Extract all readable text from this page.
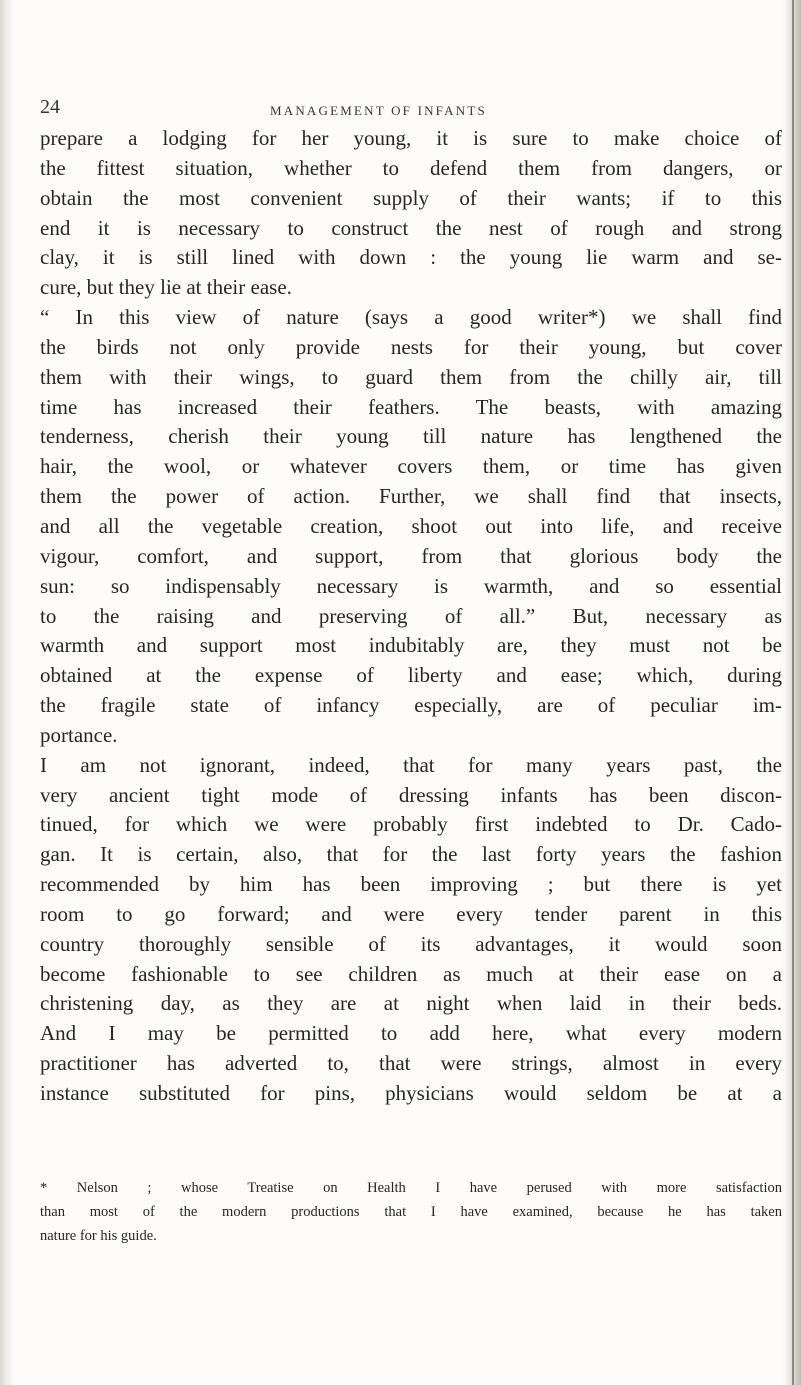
24	MANAGEMENT OF INFANTS
prepare a lodging for her young, it is sure to make choice of
the fittest situation, whether to defend them from dangers, or
obtain the most convenient supply of their wants; if to this
end it is necessary to construct the nest of rough and strong
clay, it is still lined with down : the young lie warm and se-
cure, but they lie at their ease.
“ In this view of nature (says a good writer*) we shall find
the birds not only provide nests for their young, but cover
them with their wings, to guard them from the chilly air, till
time has increased their feathers. The beasts, with amazing
tenderness, cherish their young till nature has lengthened the
hair, the wool, or whatever covers them, or time has given
them the power of action. Further, we shall find that insects,
and all the vegetable creation, shoot out into life, and receive
vigour, comfort, and support, from that glorious body the
sun: so indispensably necessary is warmth, and so essential
to the raising and preserving of all.” But, necessary as
warmth and support most indubitably are, they must not be
obtained at the expense of liberty and ease; which, during
the fragile state of infancy especially, are of peculiar im-
portance.
I am not ignorant, indeed, that for many years past, the
very ancient tight mode of dressing infants has been discon-
tinued, for which we were probably first indebted to Dr. Cado-
gan. It is certain, also, that for the last forty years the fashion
recommended by him has been improving ; but there is yet
room to go forward; and were every tender parent in this
country thoroughly sensible of its advantages, it would soon
become fashionable to see children as much at their ease on a
christening day, as they are at night when laid in their beds.
And I may be permitted to add here, what every modern
practitioner has adverted to, that were strings, almost in every
instance substituted for pins, physicians would seldom be at a
* Nelson ; whose Treatise on Health I have perused with more satisfaction
than most of the modern productions that I have examined, because he has taken
nature for his guide.
